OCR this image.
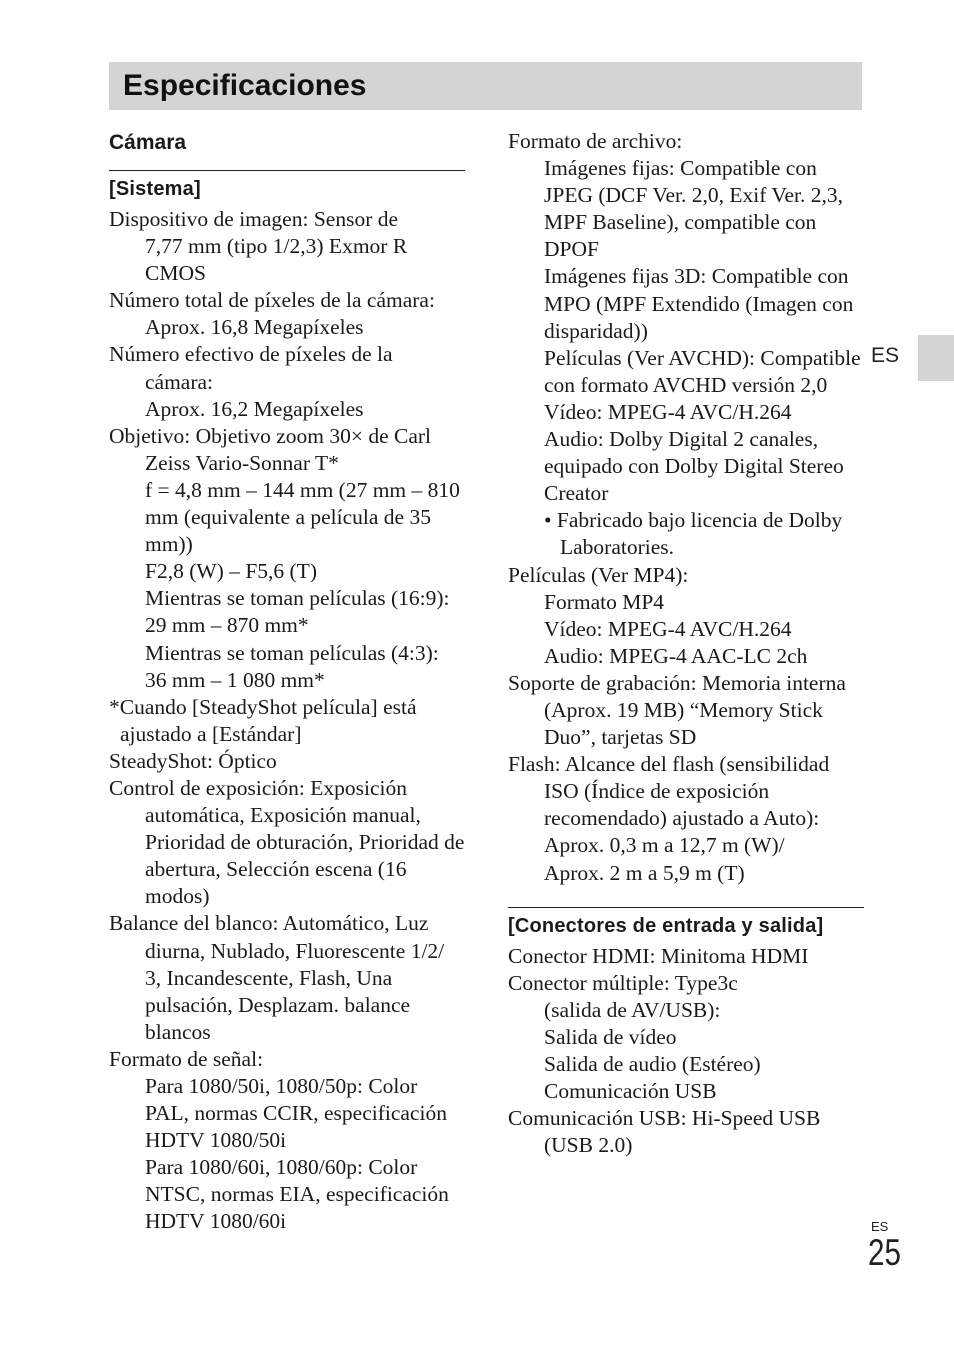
Especificaciones

Cámara

[Sistema]

Dispositivo de imagen: Sensor de
7,77 mm (tipo 1/2,3) Exmor R CMOS

Número total de píxeles de la cámara:

Aprox. 16,8 Megapíxeles

Número efectivo de píxeles de la cámara:

Aprox. 16,2 Megapíxeles

Objetivo: Objetivo zoom 30× de Carl Zeiss Vario-Sonnar T*

f = 4,8 mm – 144 mm (27 mm – 810 mm (equivalente a película de 35 mm))

F2,8 (W) – F5,6 (T)

Mientras se toman películas (16:9): 29 mm – 870 mm*

Mientras se toman películas (4:3): 36 mm – 1 080 mm*

*Cuando [SteadyShot película] está ajustado a [Estándar]

SteadyShot: Óptico

Control de exposición: Exposición automática, Exposición manual, Prioridad de obturación, Prioridad de abertura, Selección escena (16 modos)

Balance del blanco: Automático, Luz diurna, Nublado, Fluorescente 1/2/ 3, Incandescente, Flash, Una pulsación, Desplazam. balance blancos

Formato de señal:

Para 1080/50i, 1080/50p: Color PAL, normas CCIR, especificación HDTV 1080/50i

Para 1080/60i, 1080/60p: Color NTSC, normas EIA, especificación HDTV 1080/60i

Formato de archivo:

Imágenes fijas: Compatible con JPEG (DCF Ver. 2,0, Exif Ver. 2,3, MPF Baseline), compatible con DPOF

Imágenes fijas 3D: Compatible con MPO (MPF Extendido (Imagen con disparidad))

Películas (Ver AVCHD): Compatible con formato AVCHD versión 2,0

Vídeo: MPEG-4 AVC/H.264

Audio: Dolby Digital 2 canales, equipado con Dolby Digital Stereo Creator

• Fabricado bajo licencia de Dolby Laboratories.

Películas (Ver MP4):

Formato MP4

Vídeo: MPEG-4 AVC/H.264

Audio: MPEG-4 AAC-LC 2ch

Soporte de grabación: Memoria interna (Aprox. 19 MB) “Memory Stick Duo”, tarjetas SD

Flash: Alcance del flash (sensibilidad ISO (Índice de exposición recomendado) ajustado a Auto):

Aprox. 0,3 m a 12,7 m (W)/

Aprox. 2 m a 5,9 m (T)

[Conectores de entrada y salida]

Conector HDMI: Minitoma HDMI

Conector múltiple: Type3c

(salida de AV/USB):

Salida de vídeo

Salida de audio (Estéreo)

Comunicación USB

Comunicación USB: Hi-Speed USB (USB 2.0)

ES
ES
25
